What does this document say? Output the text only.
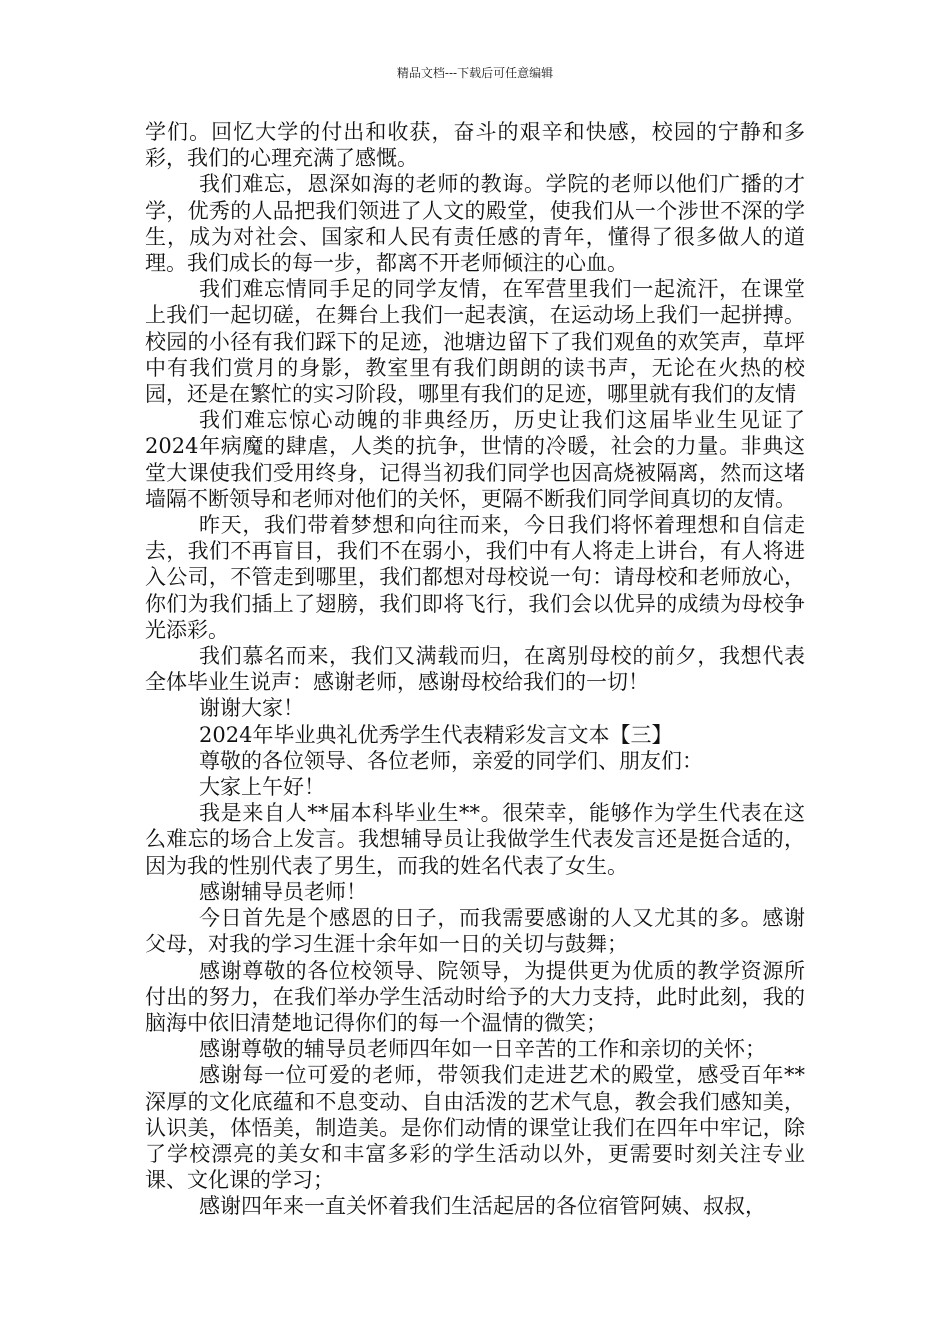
精品文档---下载后可任意编辑

学们。回忆大学的付出和收获，奋斗的艰辛和快感，校园的宁静和多彩，我们的心理充满了感慨。

我们难忘，恩深如海的老师的教诲。学院的老师以他们广播的才学，优秀的人品把我们领进了人文的殿堂，使我们从一个涉世不深的学生，成为对社会、国家和人民有责任感的青年，懂得了很多做人的道理。我们成长的每一步，都离不开老师倾注的心血。

我们难忘情同手足的同学友情，在军营里我们一起流汗，在课堂上我们一起切磋，在舞台上我们一起表演，在运动场上我们一起拼搏。校园的小径有我们踩下的足迹，池塘边留下了我们观鱼的欢笑声，草坪中有我们赏月的身影，教室里有我们朗朗的读书声，无论在火热的校园，还是在繁忙的实习阶段，哪里有我们的足迹，哪里就有我们的友情

我们难忘惊心动魄的非典经历，历史让我们这届毕业生见证了2024年病魔的肆虐，人类的抗争，世情的冷暖，社会的力量。非典这堂大课使我们受用终身，记得当初我们同学也因高烧被隔离，然而这堵墙隔不断领导和老师对他们的关怀，更隔不断我们同学间真切的友情。

昨天，我们带着梦想和向往而来，今日我们将怀着理想和自信走去，我们不再盲目，我们不在弱小，我们中有人将走上讲台，有人将进入公司，不管走到哪里，我们都想对母校说一句：请母校和老师放心，你们为我们插上了翅膀，我们即将飞行，我们会以优异的成绩为母校争光添彩。

我们慕名而来，我们又满载而归，在离别母校的前夕，我想代表全体毕业生说声：感谢老师，感谢母校给我们的一切！

谢谢大家！

2024年毕业典礼优秀学生代表精彩发言文本【三】

尊敬的各位领导、各位老师，亲爱的同学们、朋友们：

大家上午好！

我是来自人**届本科毕业生**。很荣幸，能够作为学生代表在这么难忘的场合上发言。我想辅导员让我做学生代表发言还是挺合适的，因为我的性别代表了男生，而我的姓名代表了女生。

感谢辅导员老师！

今日首先是个感恩的日子，而我需要感谢的人又尤其的多。感谢父母，对我的学习生涯十余年如一日的关切与鼓舞；

感谢尊敬的各位校领导、院领导，为提供更为优质的教学资源所付出的努力，在我们举办学生活动时给予的大力支持，此时此刻，我的脑海中依旧清楚地记得你们的每一个温情的微笑；

感谢尊敬的辅导员老师四年如一日辛苦的工作和亲切的关怀；

感谢每一位可爱的老师，带领我们走进艺术的殿堂，感受百年**深厚的文化底蕴和不息变动、自由活泼的艺术气息，教会我们感知美，认识美，体悟美，制造美。是你们动情的课堂让我们在四年中牢记，除了学校漂亮的美女和丰富多彩的学生活动以外，更需要时刻关注专业课、文化课的学习；

感谢四年来一直关怀着我们生活起居的各位宿管阿姨、叔叔，
